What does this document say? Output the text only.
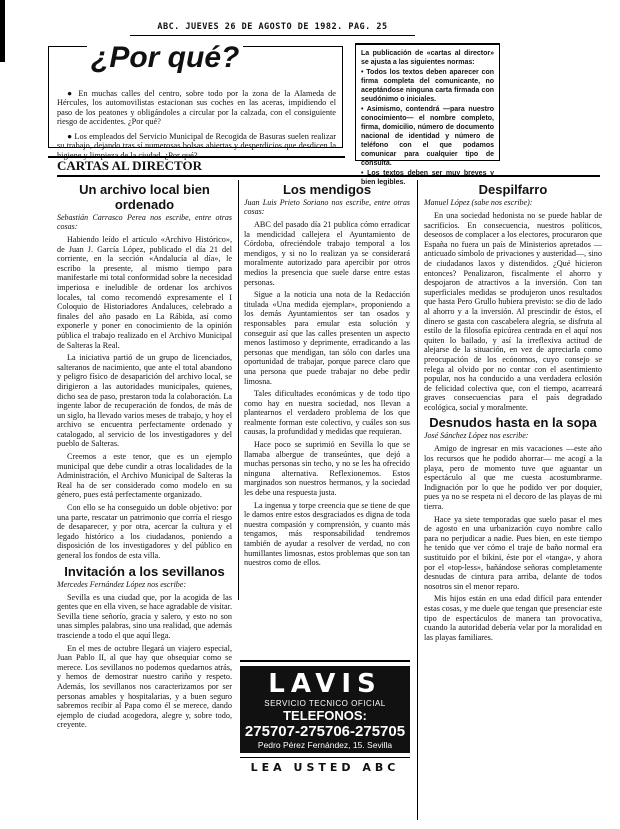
ABC. JUEVES 26 DE AGOSTO DE 1982. PAG. 25
¿Por qué?

● En muchas calles del centro, sobre todo por la zona de la Alameda de Hércules, los automovilistas estacionan sus coches en las aceras, impidiendo el paso de los peatones y obligándoles a circular por la calzada, con el consiguiente riesgo de accidentes. ¿Por qué?

● Los empleados del Servicio Municipal de Recogida de Basuras suelen realizar su trabajo, dejando tras sí numerosas bolsas abiertas y desperdicios que desdicen la higiene y limpieza de la ciudad. ¿Por qué?

La publicación de «cartas al director» se ajusta a las siguientes normas:

• Todos los textos deben aparecer con firma completa del comunicante, no aceptándose ninguna carta firmada con seudónimo o iniciales.

• Asimismo, contendrá —para nuestro conocimiento— el nombre completo, firma, domicilio, número de documento nacional de identidad y número de teléfono con el que podamos comunicar para cualquier tipo de consulta.

• Los textos deben ser muy breves y bien legibles.

CARTAS AL DIRECTOR
Un archivo local bien ordenado
Sebastián Carrasco Perea nos escribe, entre otras cosas:

Habiendo leído el artículo «Archivo Histórico», de Juan J. García López, publicado el día 21 del corriente, en la sección «Andalucía al día», le escribo la presente, al mismo tiempo para manifestarle mi total conformidad sobre la necesidad imperiosa e ineludible de ordenar los archivos locales, tal como recomendó expresamente el I Coloquio de Historiadores Andaluces, celebrado a finales del año pasado en La Rábida, así como exponerle y poner en conocimiento de la opinión pública el trabajo realizado en el Archivo Municipal de Salteras la Real.

La iniciativa partió de un grupo de licenciados, salteranos de nacimiento, que ante el total abandono y peligro físico de desaparición del archivo local, se dirigieron a las autoridades municipales, quienes, dicho sea de paso, prestaron toda la colaboración. La ingente labor de recuperación de fondos, de más de un siglo, ha llevado varios meses de trabajo, y hoy el archivo se encuentra perfectamente ordenado y catalogado, al servicio de los investigadores y del pueblo de Salteras.

Creemos a este tenor, que es un ejemplo municipal que debe cundir a otras localidades de la Administración, el Archivo Municipal de Salteras la Real ha de ser considerado como modelo en su género, pues está perfectamente organizado.

Con ello se ha conseguido un doble objetivo: por una parte, rescatar un patrimonio que corría el riesgo de desaparecer, y por otra, acercar la cultura y el legado histórico a los ciudadanos, poniendo a disposición de los investigadores y del público en general los fondos de esta villa.

Invitación a los sevillanos
Mercedes Fernández López nos escribe:

Sevilla es una ciudad que, por la acogida de las gentes que en ella viven, se hace agradable de visitar. Sevilla tiene señorío, gracia y salero, y esto no son unas simples palabras, sino una realidad, que además trasciende a todo el que aquí llega.

En el mes de octubre llegará un viajero especial, Juan Pablo II, al que hay que obsequiar como se merece. Los sevillanos no podemos quedarnos atrás, y hemos de demostrar nuestro cariño y respeto. Además, los sevillanos nos caracterizamos por ser personas amables y hospitalarias, y a buen seguro sabremos recibir al Papa como él se merece, dando ejemplo de ciudad acogedora, alegre y, sobre todo, creyente.

Los mendigos
Juan Luis Prieto Soriano nos escribe, entre otras cosas:

ABC del pasado día 21 publica cómo erradicar la mendicidad callejera el Ayuntamiento de Córdoba, ofreciéndole trabajo temporal a los mendigos, y si no lo realizan ya se considerará moralmente autorizado para apercibir por otros medios la presencia que suele darse entre estas personas.

Sigue a la noticia una nota de la Redacción titulada «Una medida ejemplar», proponiendo a los demás Ayuntamientos ser tan osados y responsables para emular esta solución y conseguir así que las calles presenten un aspecto menos lastimoso y deprimente, erradicando a las personas que mendigan, tan sólo con darles una oportunidad de trabajar, porque parece claro que una persona que puede trabajar no debe pedir limosna.

Tales dificultades económicas y de todo tipo como hay en nuestra sociedad, nos llevan a plantearnos el verdadero problema de los que realmente forman este colectivo, y cuáles son sus causas, la profundidad y medidas que requieran.

Hace poco se suprimió en Sevilla lo que se llamaba albergue de transeúntes, que dejó a muchas personas sin techo, y no se les ha ofrecido ninguna alternativa. Reflexionemos. Estos marginados son nuestros hermanos, y la sociedad les debe una respuesta justa.

La ingenua y torpe creencia que se tiene de que le damos entre estos desgraciados es digna de toda nuestra compasión y comprensión, y cuanto más tengamos, más responsabilidad tendremos también de ayudar a resolver de verdad, no con humillantes limosnas, estos problemas que son tan nuestros como de ellos.

LAVIS
SERVICIO TECNICO OFICIAL
TELEFONOS:
275707-275706-275705
Pedro Pérez Fernández, 15. Sevilla
LEA USTED ABC
Despilfarro
Manuel López (sabe nos escribe):

En una sociedad hedonista no se puede hablar de sacrificios. En consecuencia, nuestros políticos, deseosos de complacer a los electores, procuraron que España no fuera un país de Ministerios apretados —anticuado símbolo de privaciones y austeridad—, sino de ciudadanos laxos y distendidos. ¿Qué hicieron entonces? Penalizaron, fiscalmente el ahorro y despojaron de atractivos a la inversión. Con tan superficiales medidas se produjeron unos resultados que hasta Pero Grullo hubiera previsto: se dio de lado al ahorro y a la inversión. Al prescindir de éstos, el dinero se gasta con cascabelera alegría, se disfruta al estilo de la filosofía epicúrea centrada en el aquí nos quiten lo bailado, y así la irreflexiva actitud de alejarse de la situación, en vez de apreciarla como preocupación de los ecónomos, cuyo consejo se relega al olvido por no contar con el asentimiento popular, nos ha conducido a una verdadera eclosión de felicidad colectiva que, con el tiempo, acarreará graves consecuencias para el país degradado ecológica, social y moralmente.

Desnudos hasta en la sopa
José Sánchez López nos escribe:

Amigo de ingresar en mis vacaciones —este año los recursos que he podido ahorrar— me acogí a la playa, pero de momento tuve que aguantar un espectáculo al que me cuesta acostumbrarme. Indignación por lo que he podido ver por doquier, pues ya no se respeta ni el decoro de las playas de mi tierra.

Hace ya siete temporadas que suelo pasar el mes de agosto en una urbanización cuyo nombre callo para no perjudicar a nadie. Pues bien, en este tiempo he tenido que ver cómo el traje de baño normal era sustituido por el bikini, éste por el «tanga», y ahora por el «top-less», bañándose señoras completamente desnudas de cintura para arriba, delante de todos nosotros sin el menor reparo.

Mis hijos están en una edad difícil para entender estas cosas, y me duele que tengan que presenciar este tipo de espectáculos de manera tan provocativa, cuando la autoridad debería velar por la moralidad en las playas familiares.
